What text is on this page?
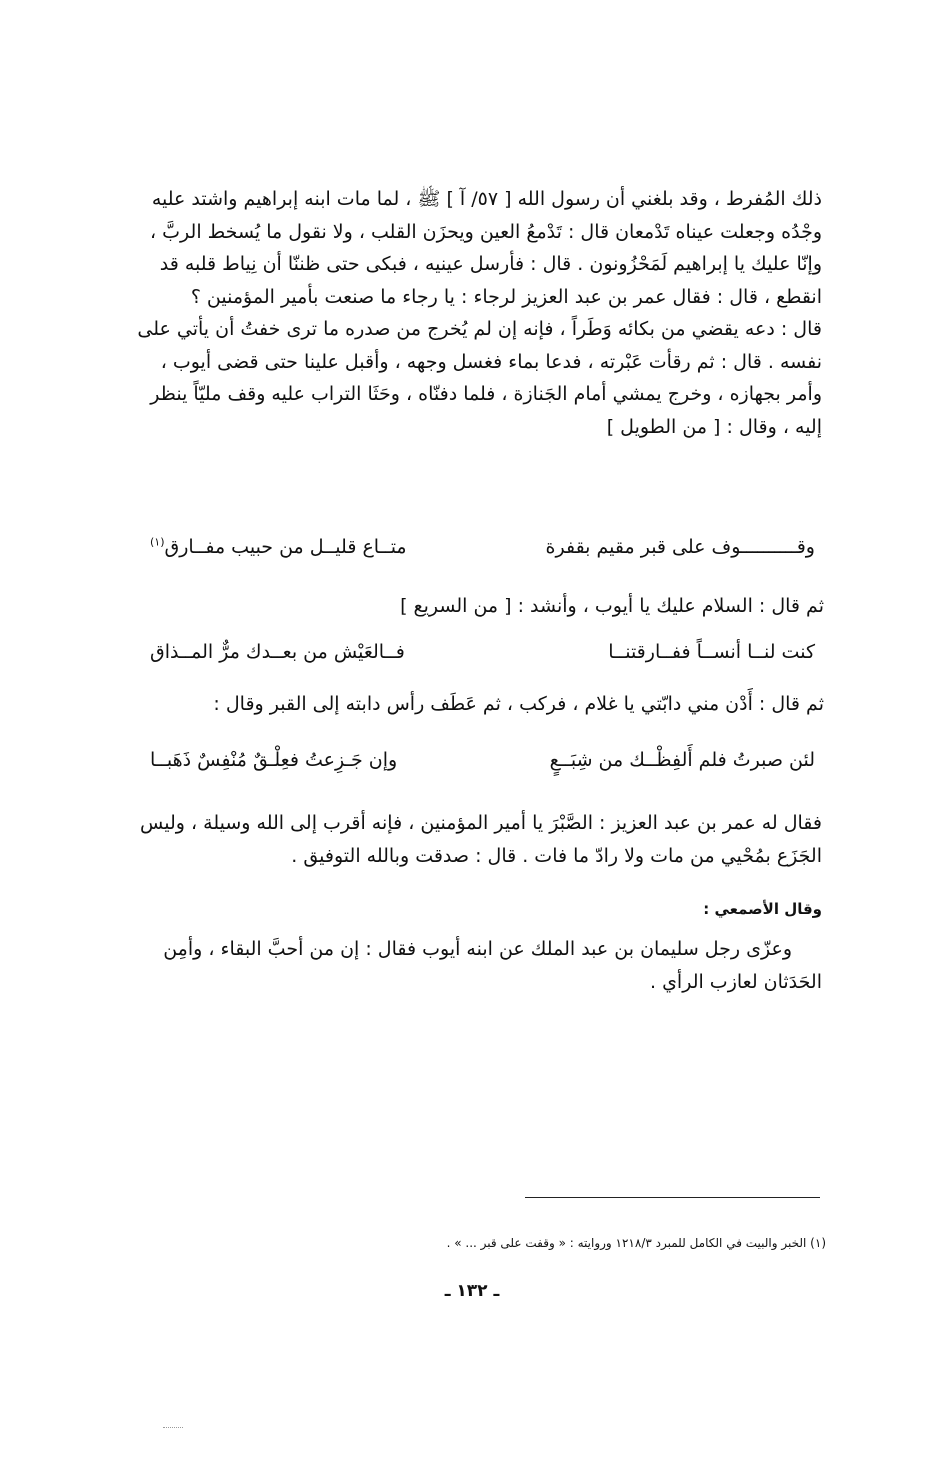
ذلك المُفرط ، وقد بلغني أن رسول الله [ ٥٧/ آ ] ﷺ ، لما مات ابنه إبراهيم واشتد عليه

وجْدُه وجعلت عيناه تَدْمعان قال : تَدْمعُ العين ويحزَن القلب ، ولا نقول ما يُسخط الربَّ ،

وإنّا عليك يا إبراهيم لَمَحْزُونون . قال : فأرسل عينيه ، فبكى حتى ظننّا أن نِياط قلبه قد

انقطع ، قال : فقال عمر بن عبد العزيز لرجاء : يا رجاء ما صنعت بأمير المؤمنين ؟

قال : دعه يقضي من بكائه وَطَراً ، فإنه إن لم يُخرج من صدره ما ترى خفتُ أن يأتي على

نفسه . قال : ثم رقأت عَبْرته ، فدعا بماء فغسل وجهه ، وأقبل علينا حتى قضى أيوب ،

وأمر بجهازه ، وخرج يمشي أمام الجَنازة ، فلما دفنّاه ، وحَثَا التراب عليه وقف مليّاً ينظر

إليه ، وقال : [ من الطويل ]

وقــــــــــوف على قبر مقيم بقفرة
متــاع قليــل من حبيب مفــارق$^{(١)}$
ثم قال : السلام عليك يا أيوب ، وأنشد : [ من السريع ]
كنت لنــا أنســاً ففــارقتنــا
فــالعَيْش من بعــدك مرٌّ المــذاق
ثم قال : أَدْن مني دابّتي يا غلام ، فركب ، ثم عَطَف رأس دابته إلى القبر وقال :
لئن صبرتُ فلم أَلفِظْــك من شِبَــعٍ
وإن جَـزِعتُ فعِلْـقٌ مُنْفِسٌ ذَهَبــا

فقال له عمر بن عبد العزيز : الصَّبْرَ يا أمير المؤمنين ، فإنه أقرب إلى الله وسيلة ، وليس

الجَزَع بمُحْيي من مات ولا رادّ ما فات . قال : صدقت وبالله التوفيق .

وقال الأصمعي :

وعزّى رجل سليمان بن عبد الملك عن ابنه أيوب فقال : إن من أحبَّ البقاء ، وأمِن

الحَدَثان لعازب الرأي .

(١) الخبر والبيت في الكامل للمبرد ١٢١٨/٣ وروايته : « وقفت على قبر ... » .
ـ ١٣٢ ـ
